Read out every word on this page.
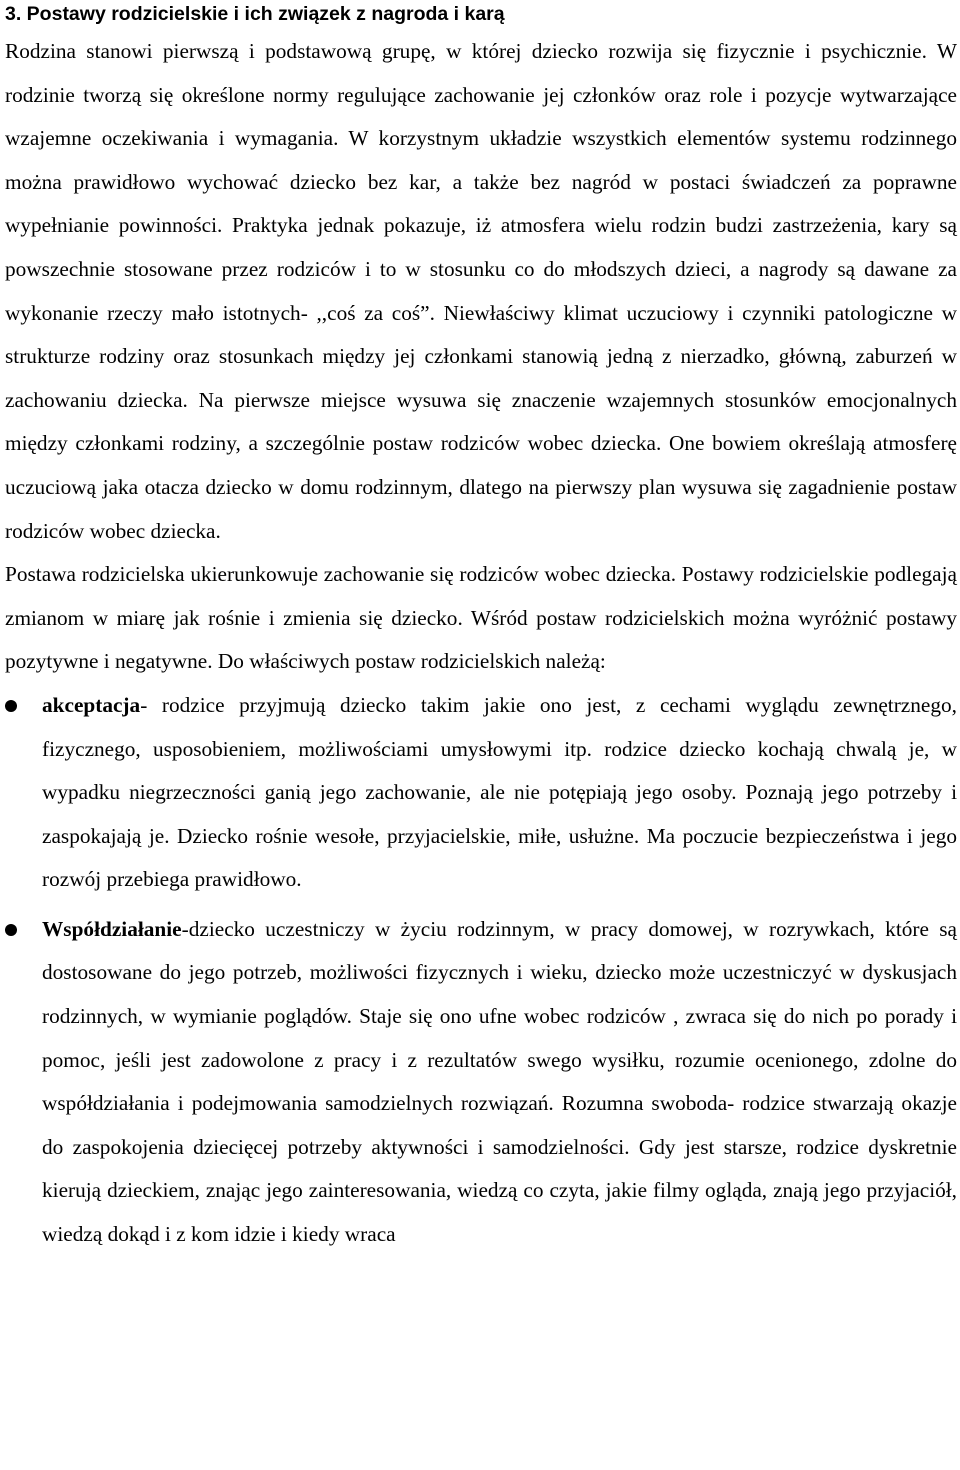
3. Postawy rodzicielskie i ich związek z nagroda i karą

Rodzina stanowi pierwszą i podstawową grupę, w której dziecko rozwija się fizycznie i psychicznie. W rodzinie tworzą się określone normy regulujące zachowanie jej członków oraz role i pozycje wytwarzające wzajemne oczekiwania i wymagania. W korzystnym układzie wszystkich elementów systemu rodzinnego można prawidłowo wychować dziecko bez kar, a także bez nagród w postaci świadczeń za poprawne wypełnianie powinności. Praktyka jednak pokazuje, iż atmosfera wielu rodzin budzi zastrzeżenia, kary są powszechnie stosowane przez rodziców i to w stosunku co do młodszych dzieci, a nagrody są dawane za wykonanie rzeczy mało istotnych- ,,coś za coś”. Niewłaściwy klimat uczuciowy i czynniki patologiczne w strukturze rodziny oraz stosunkach między jej członkami stanowią jedną z nierzadko, główną, zaburzeń w zachowaniu dziecka. Na pierwsze miejsce wysuwa się znaczenie wzajemnych stosunków emocjonalnych między członkami rodziny, a szczególnie postaw rodziców wobec dziecka. One bowiem określają atmosferę uczuciową jaka otacza dziecko w domu rodzinnym, dlatego na pierwszy plan wysuwa się zagadnienie postaw rodziców wobec dziecka.

Postawa rodzicielska ukierunkowuje zachowanie się rodziców wobec dziecka. Postawy rodzicielskie podlegają zmianom w miarę jak rośnie i zmienia się dziecko. Wśród postaw rodzicielskich można wyróżnić postawy pozytywne i negatywne. Do właściwych postaw rodzicielskich należą:

akceptacja- rodzice przyjmują dziecko takim jakie ono jest, z cechami wyglądu zewnętrznego, fizycznego, usposobieniem, możliwościami umysłowymi itp. rodzice dziecko kochają chwalą je, w wypadku niegrzeczności ganią jego zachowanie, ale nie potępiają jego osoby. Poznają jego potrzeby i zaspokajają je. Dziecko rośnie wesołe, przyjacielskie, miłe, usłużne. Ma poczucie bezpieczeństwa i jego rozwój przebiega prawidłowo.
Współdziałanie-dziecko uczestniczy w życiu rodzinnym, w pracy domowej, w rozrywkach, które są dostosowane do jego potrzeb, możliwości fizycznych i wieku, dziecko może uczestniczyć w dyskusjach rodzinnych, w wymianie poglądów. Staje się ono ufne wobec rodziców , zwraca się do nich po porady i pomoc, jeśli jest zadowolone z pracy i z rezultatów swego wysiłku, rozumie ocenionego, zdolne do współdziałania i podejmowania samodzielnych rozwiązań. Rozumna swoboda- rodzice stwarzają okazje do zaspokojenia dziecięcej potrzeby aktywności i samodzielności. Gdy jest starsze, rodzice dyskretnie kierują dzieckiem, znając jego zainteresowania, wiedzą co czyta, jakie filmy ogląda, znają jego przyjaciół, wiedzą dokąd i z kom idzie i kiedy wraca
